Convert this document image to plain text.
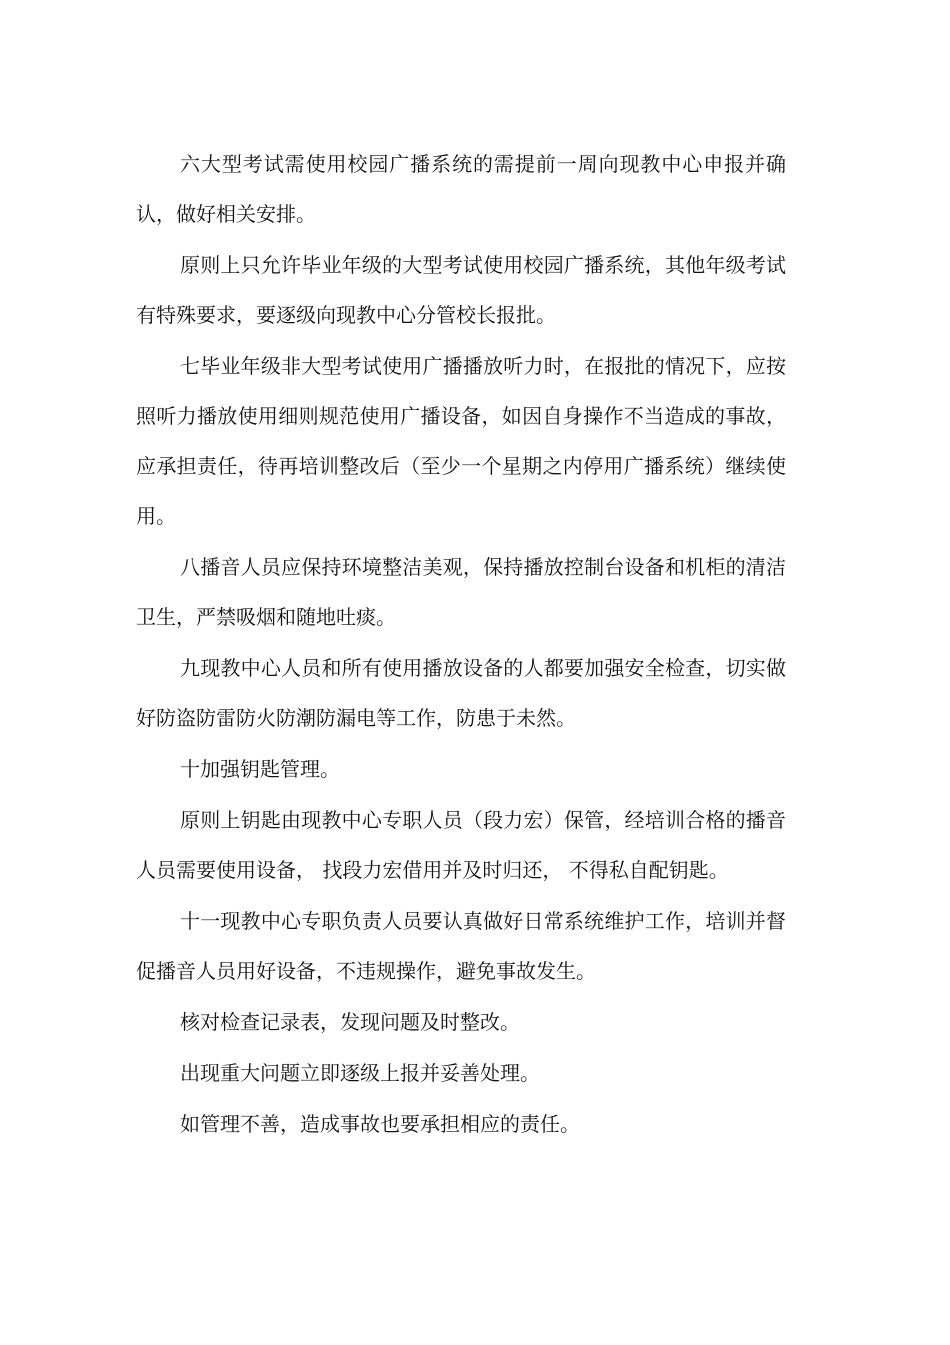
六大型考试需使用校园广播系统的需提前一周向现教中心申报并确认，做好相关安排。

原则上只允许毕业年级的大型考试使用校园广播系统，其他年级考试有特殊要求，要逐级向现教中心分管校长报批。

七毕业年级非大型考试使用广播播放听力时，在报批的情况下，应按照听力播放使用细则规范使用广播设备，如因自身操作不当造成的事故，应承担责任，待再培训整改后（至少一个星期之内停用广播系统）继续使用。

八播音人员应保持环境整洁美观，保持播放控制台设备和机柜的清洁卫生，严禁吸烟和随地吐痰。

九现教中心人员和所有使用播放设备的人都要加强安全检查，切实做好防盗防雷防火防潮防漏电等工作，防患于未然。

十加强钥匙管理。

原则上钥匙由现教中心专职人员（段力宏）保管，经培训合格的播音人员需要使用设备， 找段力宏借用并及时归还， 不得私自配钥匙。

十一现教中心专职负责人员要认真做好日常系统维护工作，培训并督促播音人员用好设备，不违规操作，避免事故发生。

核对检查记录表，发现问题及时整改。

出现重大问题立即逐级上报并妥善处理。

如管理不善，造成事故也要承担相应的责任。
